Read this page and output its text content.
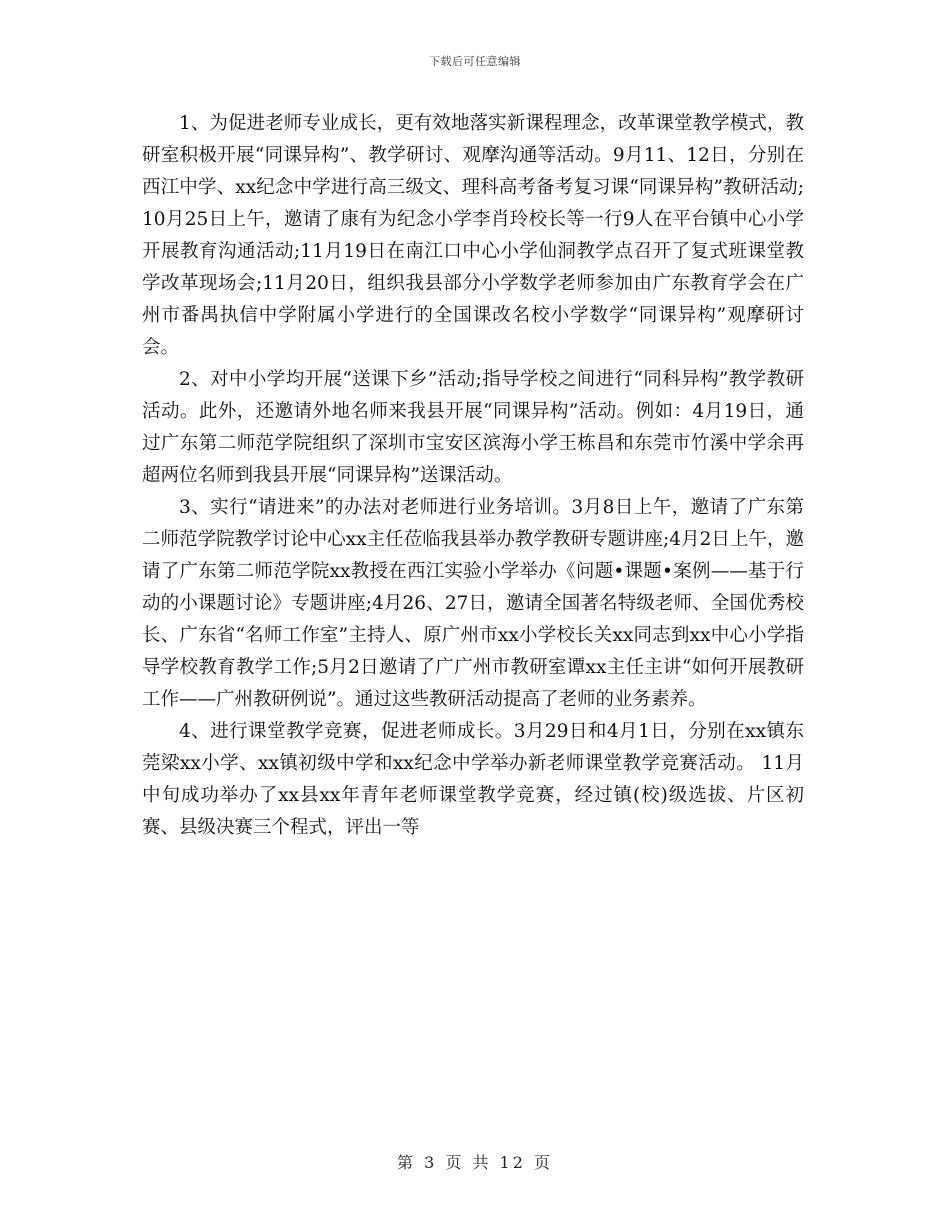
下载后可任意编辑

1、为促进老师专业成长，更有效地落实新课程理念，改革课堂教学模式，教研室积极开展“同课异构”、教学研讨、观摩沟通等活动。9月11、12日，分别在西江中学、xx纪念中学进行高三级文、理科高考备考复习课“同课异构”教研活动;10月25日上午，邀请了康有为纪念小学李肖玲校长等一行9人在平台镇中心小学开展教育沟通活动;11月19日在南江口中心小学仙洞教学点召开了复式班课堂教学改革现场会;11月20日，组织我县部分小学数学老师参加由广东教育学会在广州市番禺执信中学附属小学进行的全国课改名校小学数学“同课异构”观摩研讨会。

2、对中小学均开展“送课下乡”活动;指导学校之间进行“同科异构”教学教研活动。此外，还邀请外地名师来我县开展“同课异构”活动。例如：4月19日，通过广东第二师范学院组织了深圳市宝安区滨海小学王栋昌和东莞市竹溪中学余再超两位名师到我县开展“同课异构”送课活动。

3、实行“请进来”的办法对老师进行业务培训。3月8日上午，邀请了广东第二师范学院教学讨论中心xx主任莅临我县举办教学教研专题讲座;4月2日上午，邀请了广东第二师范学院xx教授在西江实验小学举办《问题•课题•案例——基于行动的小课题讨论》专题讲座;4月26、27日，邀请全国著名特级老师、全国优秀校长、广东省“名师工作室”主持人、原广州市xx小学校长关xx同志到xx中心小学指导学校教育教学工作;5月2日邀请了广广州市教研室谭xx主任主讲“如何开展教研工作——广州教研例说”。通过这些教研活动提高了老师的业务素养。

4、进行课堂教学竞赛，促进老师成长。3月29日和4月1日，分别在xx镇东莞梁xx小学、xx镇初级中学和xx纪念中学举办新老师课堂教学竞赛活动。 11月中旬成功举办了xx县xx年青年老师课堂教学竞赛，经过镇(校)级选拔、片区初赛、县级决赛三个程式，评出一等

第 3 页 共 12 页
